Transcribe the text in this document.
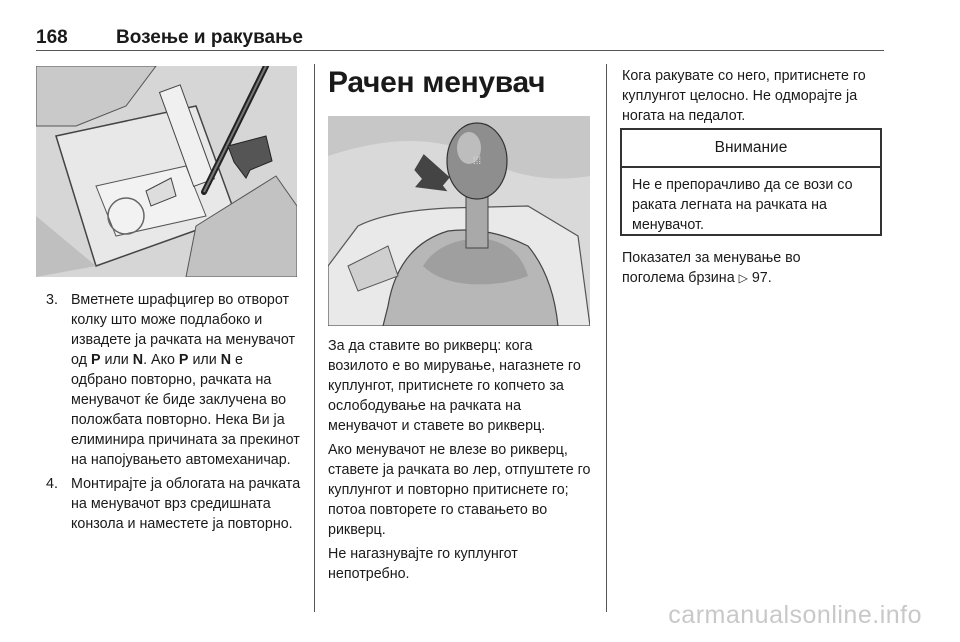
168	Возење и ракување
3. Вметнете шрафцигер во отворот колку што може подлабоко и извадете ја рачката на менувачот од P или N. Ако P или N е одбрано повторно, рачката на менувачот ќе биде заклучена во положбата повторно. Нека Ви ја елиминира причината за прекинот на напојувањето автомеханичар.
4. Монтирајте ја облогата на рачката на менувачот врз средишната конзола и наместете ја повторно.
Рачен менувач
⁞⁞⁞

За да ставите во рикверц: кога возилото е во мирување, нагазнете го куплунгот, притиснете го копчето за ослободување на рачката на менувачот и ставете во рикверц.

Ако менувачот не влезе во рикверц, ставете ја рачката во лер, отпуштете го куплунгот и повторно притиснете го; потоа повторете го ставањето во рикверц.

Не нагазнувајте го куплунгот непотребно.

Кога ракувате со него, притиснете го куплунгот целосно. Не одморајте ја ногата на педалот.

Внимание
Не е препорачливо да се вози со раката легната на рачката на менувачот.

Показател за менување во поголема брзина ▷ 97.

carmanualsonline.info
